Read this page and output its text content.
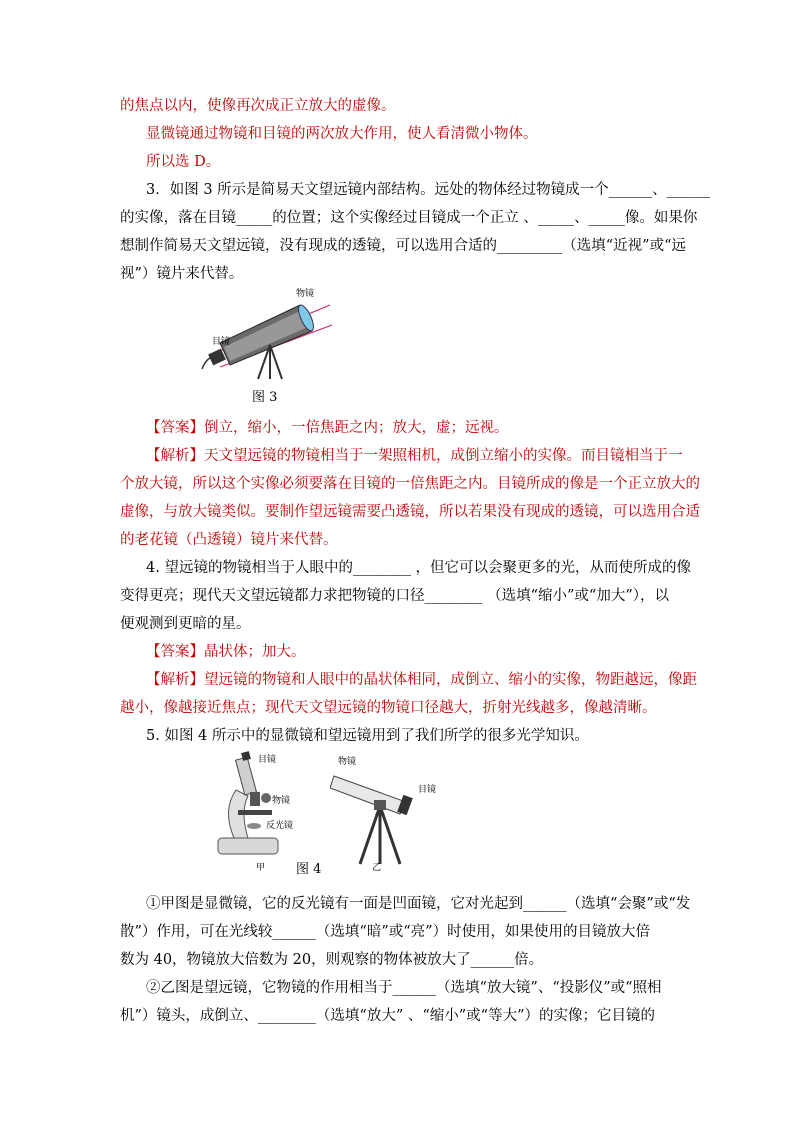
的焦点以内，使像再次成正立放大的虚像。
显微镜通过物镜和目镜的两次放大作用，使人看清微小物体。
所以选 D。
3．如图 3 所示是简易天文望远镜内部结构。远处的物体经过物镜成一个______、______
的实像，落在目镜_____的位置；这个实像经过目镜成一个正立 、_____、_____像。如果你
想制作简易天文望远镜，没有现成的透镜，可以选用合适的_________（选填“近视”或“远
视”）镜片来代替。
物镜
目镜
图 3
【答案】倒立，缩小，一倍焦距之内；放大，虚；远视。
【解析】天文望远镜的物镜相当于一架照相机，成倒立缩小的实像。而目镜相当于一
个放大镜，所以这个实像必须要落在目镜的一倍焦距之内。目镜所成的像是一个正立放大的
虚像，与放大镜类似。要制作望远镜需要凸透镜，所以若果没有现成的透镜，可以选用合适
的老花镜（凸透镜）镜片来代替。
4. 望远镜的物镜相当于人眼中的________ ，但它可以会聚更多的光，从而使所成的像
变得更亮；现代天文望远镜都力求把物镜的口径________ （选填“缩小”或“加大”），以
便观测到更暗的星。
【答案】晶状体；加大。
【解析】望远镜的物镜和人眼中的晶状体相同，成倒立、缩小的实像，物距越远，像距
越小，像越接近焦点；现代天文望远镜的物镜口径越大，折射光线越多，像越清晰。
5. 如图 4 所示中的显微镜和望远镜用到了我们所学的很多光学知识。
目镜
物镜
反光镜
甲
物镜
目镜
乙
图 4
①甲图是显微镜，它的反光镜有一面是凹面镜，它对光起到______（选填“会聚”或“发
散”）作用，可在光线较______（选填“暗”或“亮”）时使用，如果使用的目镜放大倍
数为 40，物镜放大倍数为 20，则观察的物体被放大了______倍。
②乙图是望远镜，它物镜的作用相当于______（选填“放大镜”、“投影仪”或“照相
机”）镜头，成倒立、________（选填“放大” 、“缩小”或“等大”）的实像；它目镜的
